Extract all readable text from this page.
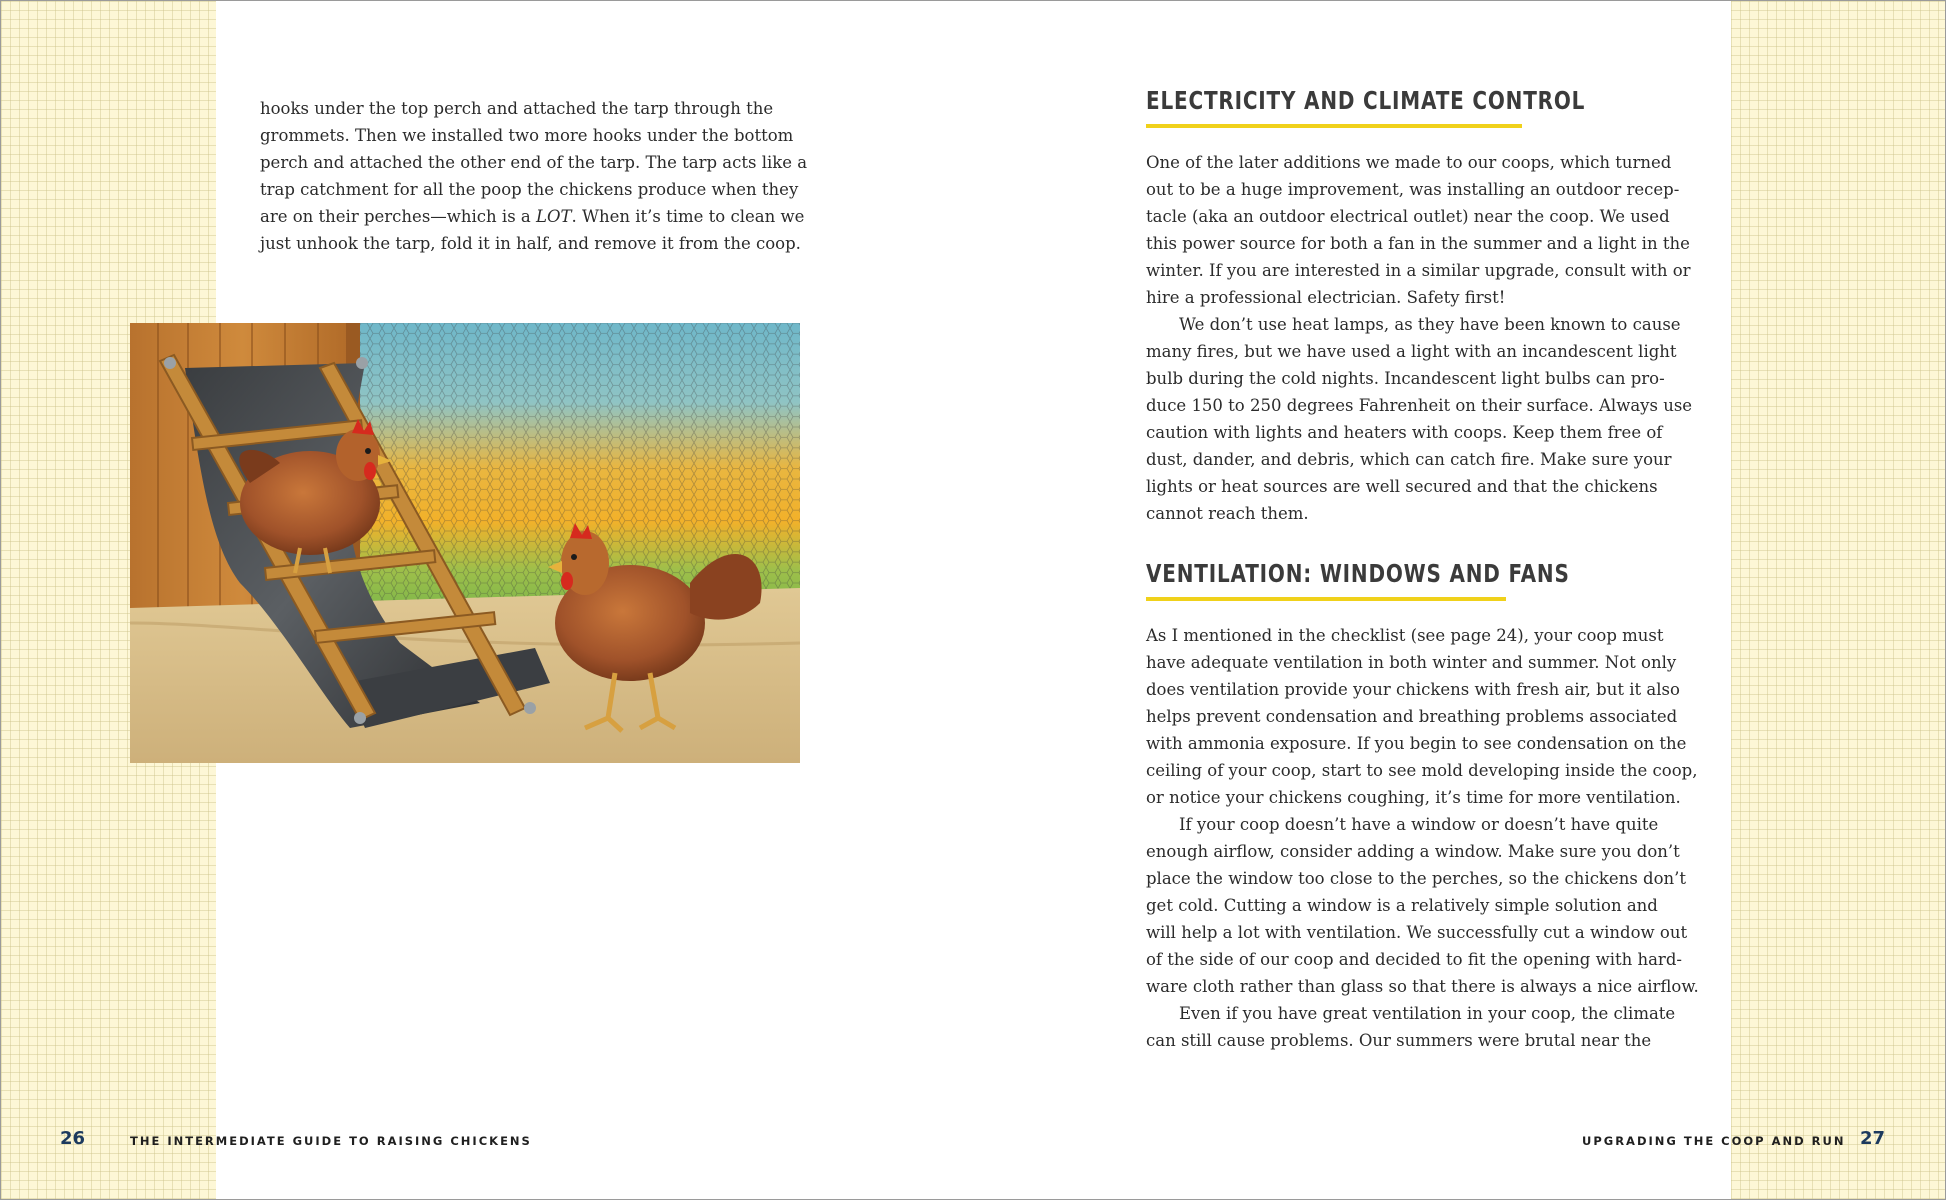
hooks under the top perch and attached the tarp through the

grommets. Then we installed two more hooks under the bottom

perch and attached the other end of the tarp. The tarp acts like a

trap catchment for all the poop the chickens produce when they

are on their perches—which is a LOT. When it’s time to clean we

just unhook the tarp, fold it in half, and remove it from the coop.

ELECTRICITY AND CLIMATE CONTROL

One of the later additions we made to our coops, which turned

out to be a huge improvement, was installing an outdoor recep-

tacle (aka an outdoor electrical outlet) near the coop. We used

this power source for both a fan in the summer and a light in the

winter. If you are interested in a similar upgrade, consult with or

hire a professional electrician. Safety first!

We don’t use heat lamps, as they have been known to cause

many fires, but we have used a light with an incandescent light

bulb during the cold nights. Incandescent light bulbs can pro-

duce 150 to 250 degrees Fahrenheit on their surface. Always use

caution with lights and heaters with coops. Keep them free of

dust, dander, and debris, which can catch fire. Make sure your

lights or heat sources are well secured and that the chickens

cannot reach them.

VENTILATION: WINDOWS AND FANS

As I mentioned in the checklist (see page 24), your coop must

have adequate ventilation in both winter and summer. Not only

does ventilation provide your chickens with fresh air, but it also

helps prevent condensation and breathing problems associated

with ammonia exposure. If you begin to see condensation on the

ceiling of your coop, start to see mold developing inside the coop,

or notice your chickens coughing, it’s time for more ventilation.

If your coop doesn’t have a window or doesn’t have quite

enough airflow, consider adding a window. Make sure you don’t

place the window too close to the perches, so the chickens don’t

get cold. Cutting a window is a relatively simple solution and

will help a lot with ventilation. We successfully cut a window out

of the side of our coop and decided to fit the opening with hard-

ware cloth rather than glass so that there is always a nice airflow.

Even if you have great ventilation in your coop, the climate

can still cause problems. Our summers were brutal near the

26	THE INTERMEDIATE GUIDE TO RAISING CHICKENS	UPGRADING THE COOP AND RUN 27
